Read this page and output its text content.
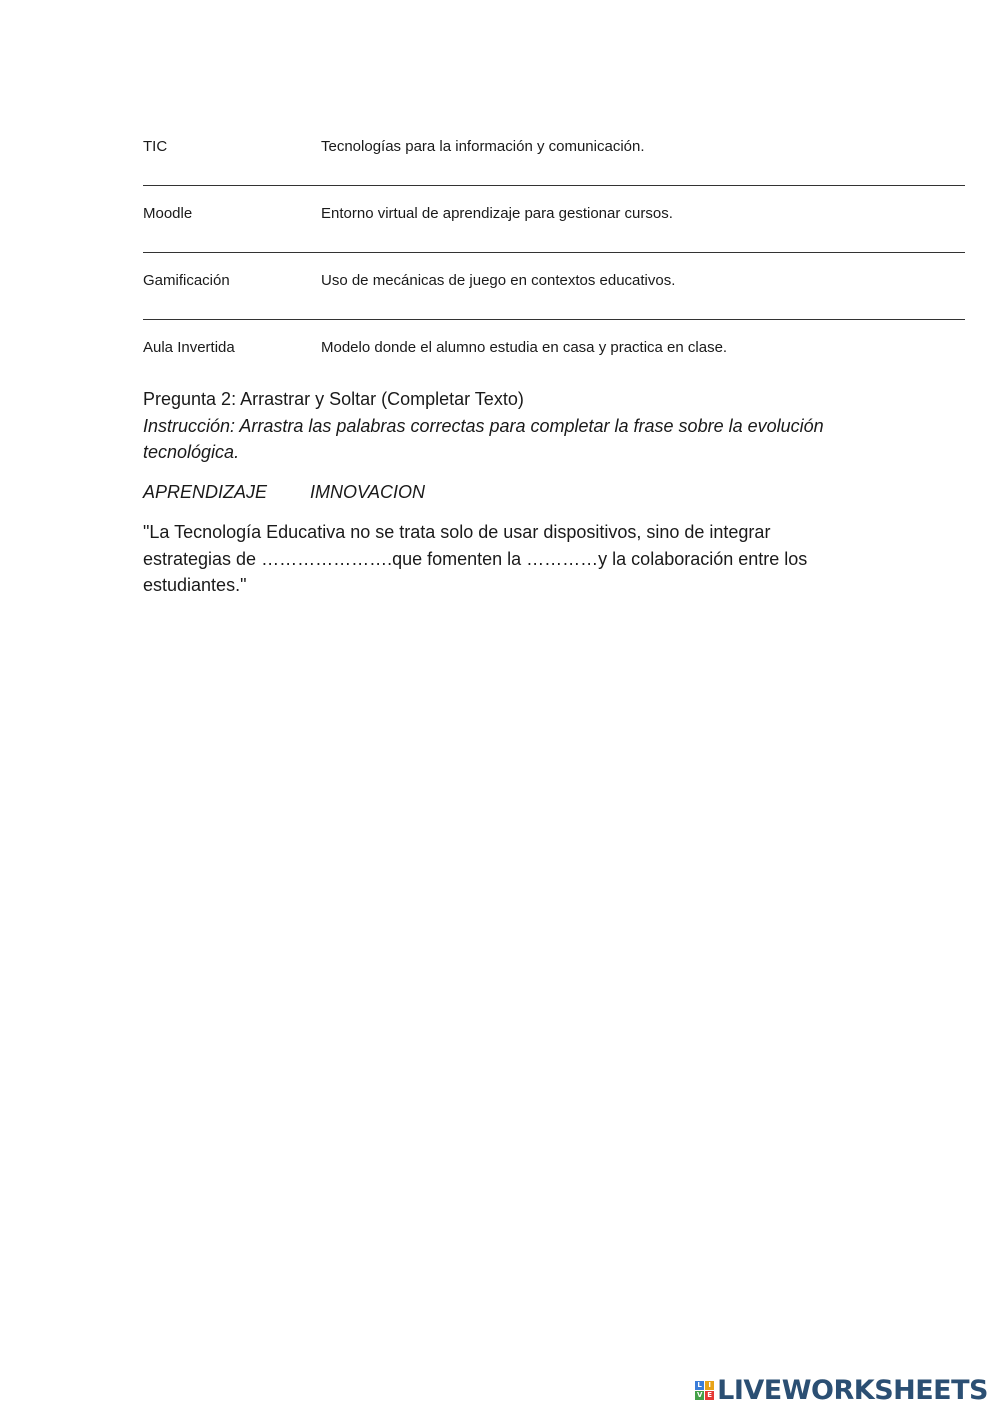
TIC	Tecnologías para la información y comunicación.
Moodle	Entorno virtual de aprendizaje para gestionar cursos.
Gamificación	Uso de mecánicas de juego en contextos educativos.
Aula Invertida	Modelo donde el alumno estudia en casa y practica en clase.
Pregunta 2: Arrastrar y Soltar (Completar Texto)
Instrucción: Arrastra las palabras correctas para completar la frase sobre la evolución tecnológica.
APRENDIZAJE IMNOVACION
"La Tecnología Educativa no se trata solo de usar dispositivos, sino de integrar estrategias de ………………….que fomenten la …………y la colaboración entre los estudiantes."
L I
V E LIVEWORKSHEETS
